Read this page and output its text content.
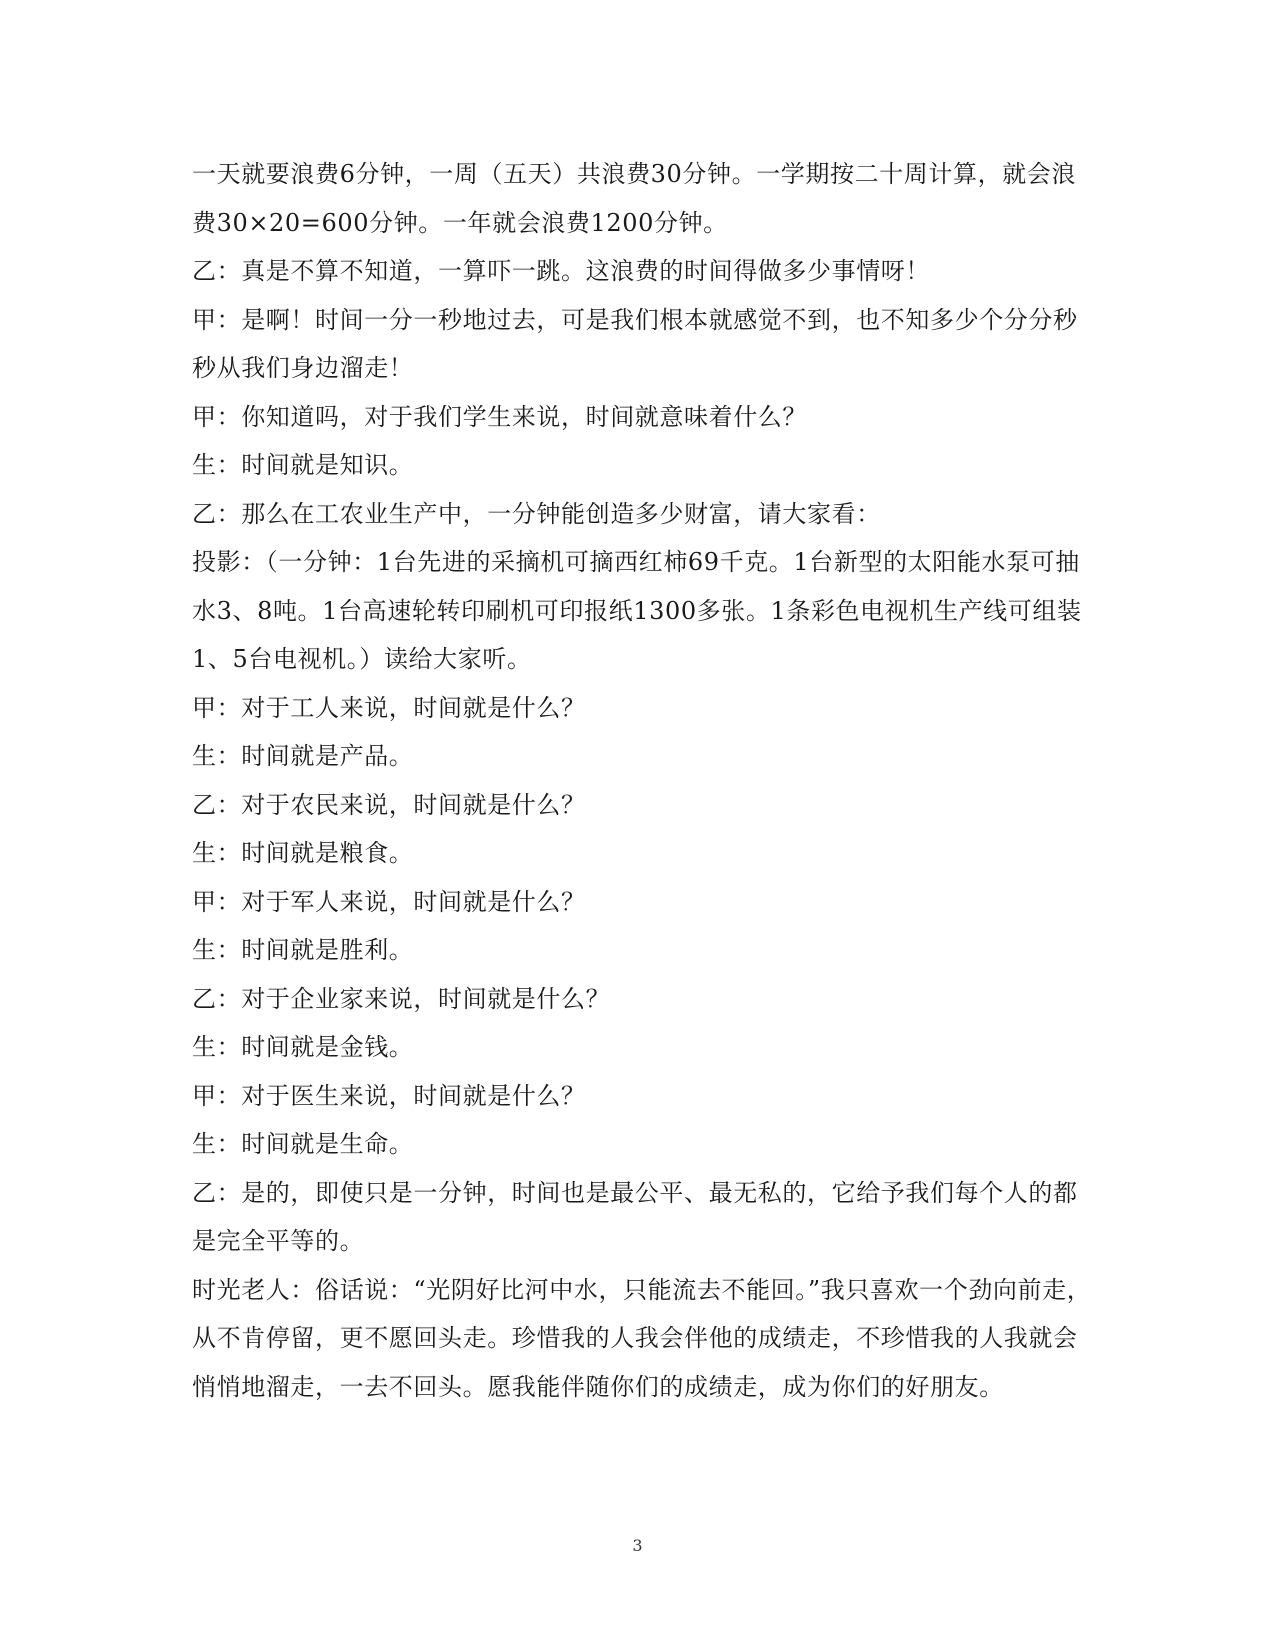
一天就要浪费6分钟，一周（五天）共浪费30分钟。一学期按二十周计算，就会浪费30×20=600分钟。一年就会浪费1200分钟。

乙：真是不算不知道，一算吓一跳。这浪费的时间得做多少事情呀！

甲：是啊！时间一分一秒地过去，可是我们根本就感觉不到，也不知多少个分分秒秒从我们身边溜走！

甲：你知道吗，对于我们学生来说，时间就意味着什么？

生：时间就是知识。

乙：那么在工农业生产中，一分钟能创造多少财富，请大家看：

投影：（一分钟：1台先进的采摘机可摘西红柿69千克。1台新型的太阳能水泵可抽水3、8吨。1台高速轮转印刷机可印报纸1300多张。1条彩色电视机生产线可组装1、5台电视机。）读给大家听。

甲：对于工人来说，时间就是什么？

生：时间就是产品。

乙：对于农民来说，时间就是什么？

生：时间就是粮食。

甲：对于军人来说，时间就是什么？

生：时间就是胜利。

乙：对于企业家来说，时间就是什么？

生：时间就是金钱。

甲：对于医生来说，时间就是什么？

生：时间就是生命。

乙：是的，即使只是一分钟，时间也是最公平、最无私的，它给予我们每个人的都是完全平等的。

时光老人：俗话说：“光阴好比河中水，只能流去不能回。”我只喜欢一个劲向前走，从不肯停留，更不愿回头走。珍惜我的人我会伴他的成绩走，不珍惜我的人我就会悄悄地溜走，一去不回头。愿我能伴随你们的成绩走，成为你们的好朋友。

3
